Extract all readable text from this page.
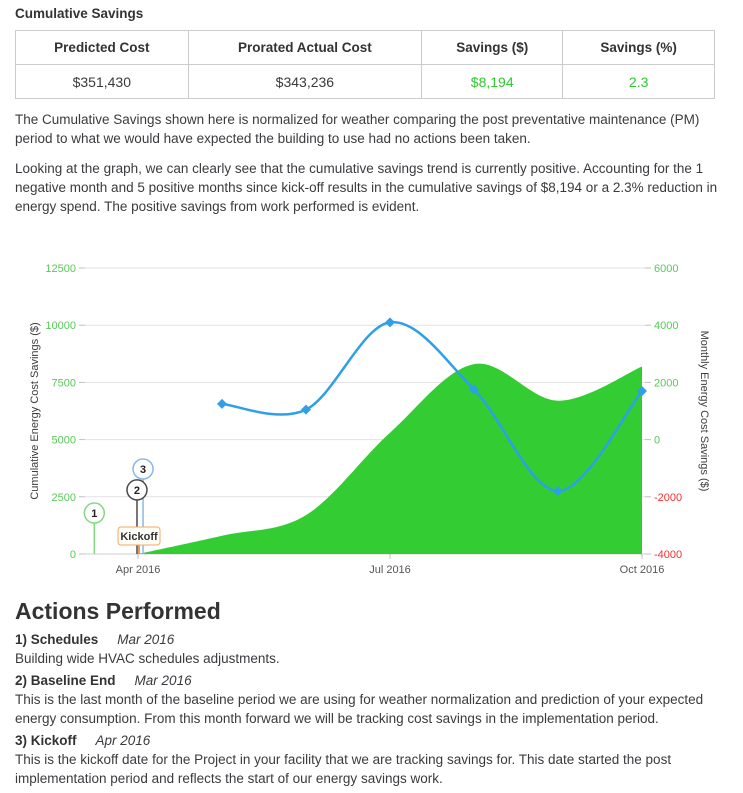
Cumulative Savings
Predicted Cost	Prorated Actual Cost	Savings ($)	Savings (%)
$351,430	$343,236	$8,194	2.3

The Cumulative Savings shown here is normalized for weather comparing the post preventative maintenance (PM) period to what we would have expected the building to use had no actions been taken.

Looking at the graph, we can clearly see that the cumulative savings trend is currently positive. Accounting for the 1 negative month and 5 positive months since kick-off results in the cumulative savings of $8,194 or a 2.3% reduction in energy spend. The positive savings from work performed is evident.

0
2500
5000
7500
10000
12500	6000
4000
2000
0
-2000
-4000
Apr 2016	Jul 2016	Oct 2016
Kickoff
1
2
3
Cumulative Energy Cost Savings ($)	Monthly Energy Cost Savings ($)
Actions Performed
1) Schedules Mar 2016

Building wide HVAC schedules adjustments.

2) Baseline End Mar 2016

This is the last month of the baseline period we are using for weather normalization and prediction of your expected energy consumption. From this month forward we will be tracking cost savings in the implementation period.

3) Kickoff Apr 2016

This is the kickoff date for the Project in your facility that we are tracking savings for. This date started the post implementation period and reflects the start of our energy savings work.
